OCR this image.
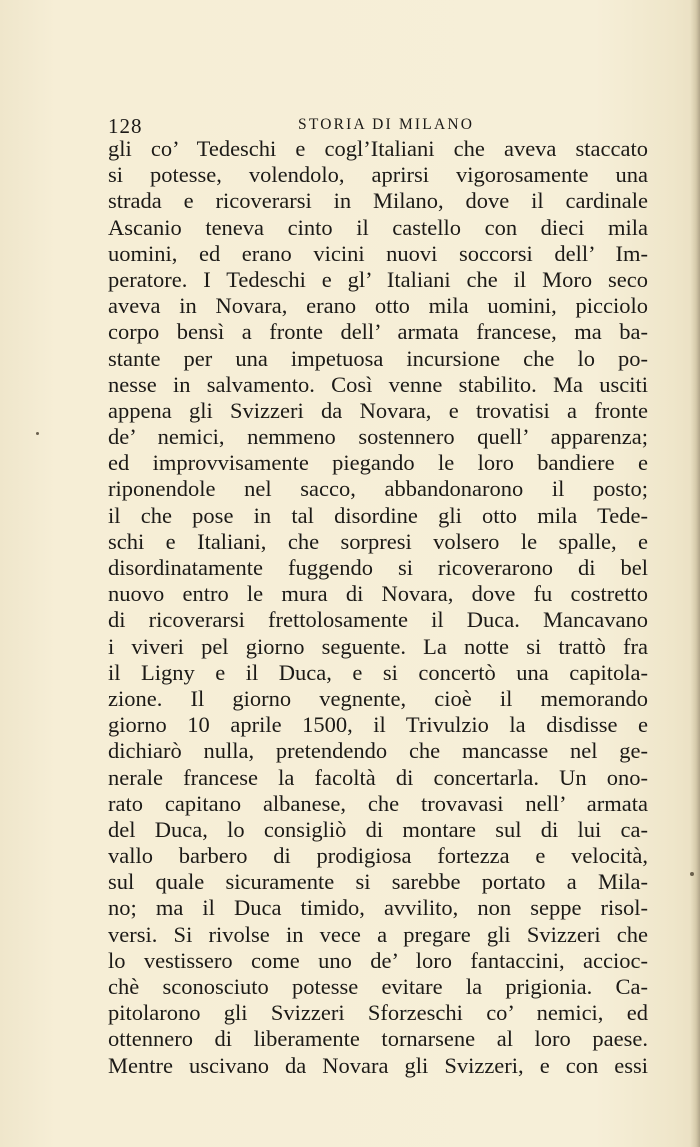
128	STORIA DI MILANO
gli co’ Tedeschi e cogl’Italiani che aveva staccato
si potesse, volendolo, aprirsi vigorosamente una
strada e ricoverarsi in Milano, dove il cardinale
Ascanio teneva cinto il castello con dieci mila
uomini, ed erano vicini nuovi soccorsi dell’ Im-
peratore. I Tedeschi e gl’ Italiani che il Moro seco
aveva in Novara, erano otto mila uomini, picciolo
corpo bensì a fronte dell’ armata francese, ma ba-
stante per una impetuosa incursione che lo po-
nesse in salvamento. Così venne stabilito. Ma usciti
appena gli Svizzeri da Novara, e trovatisi a fronte
de’ nemici, nemmeno sostennero quell’ apparenza;
ed improvvisamente piegando le loro bandiere e
riponendole nel sacco, abbandonarono il posto;
il che pose in tal disordine gli otto mila Tede-
schi e Italiani, che sorpresi volsero le spalle, e
disordinatamente fuggendo si ricoverarono di bel
nuovo entro le mura di Novara, dove fu costretto
di ricoverarsi frettolosamente il Duca. Mancavano
i viveri pel giorno seguente. La notte si trattò fra
il Ligny e il Duca, e si concertò una capitola-
zione. Il giorno vegnente, cioè il memorando
giorno 10 aprile 1500, il Trivulzio la disdisse e
dichiarò nulla, pretendendo che mancasse nel ge-
nerale francese la facoltà di concertarla. Un ono-
rato capitano albanese, che trovavasi nell’ armata
del Duca, lo consigliò di montare sul di lui ca-
vallo barbero di prodigiosa fortezza e velocità,
sul quale sicuramente si sarebbe portato a Mila-
no; ma il Duca timido, avvilito, non seppe risol-
versi. Si rivolse in vece a pregare gli Svizzeri che
lo vestissero come uno de’ loro fantaccini, accioc-
chè sconosciuto potesse evitare la prigionia. Ca-
pitolarono gli Svizzeri Sforzeschi co’ nemici, ed
ottennero di liberamente tornarsene al loro paese.
Mentre uscivano da Novara gli Svizzeri, e con essi
